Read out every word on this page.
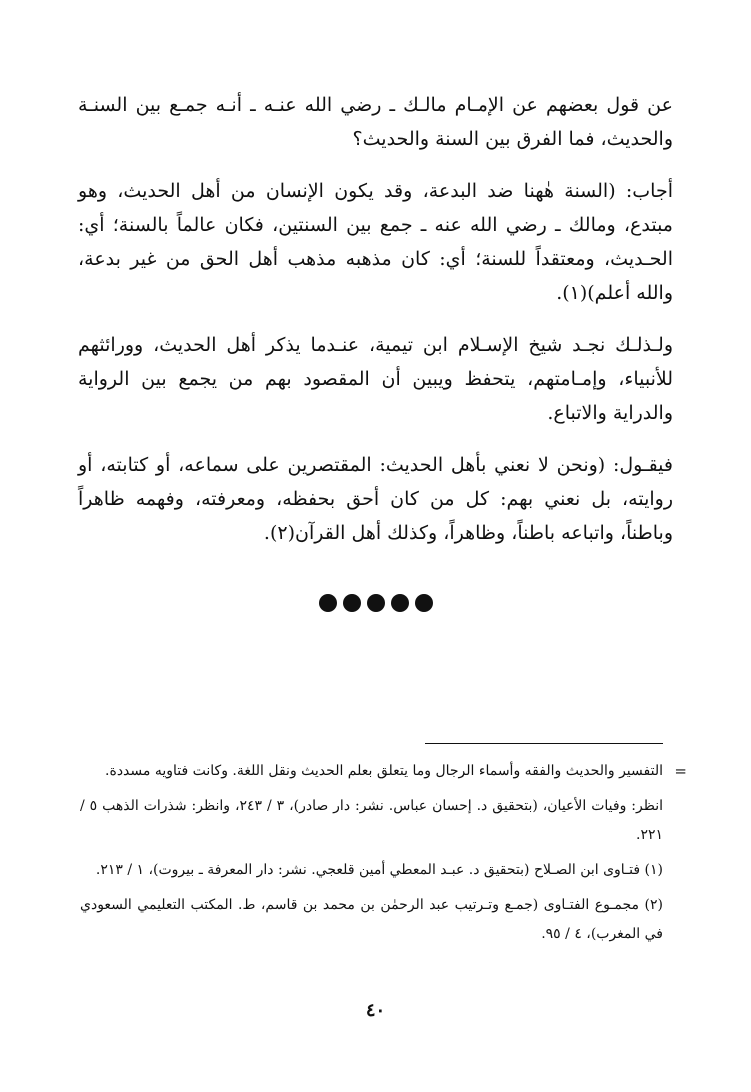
عن قول بعضهم عن الإمـام مالـك ـ رضي الله عنـه ـ أنـه جمـع بين السنـة والحديث، فما الفرق بين السنة والحديث؟

أجاب: (السنة هٰهنا ضد البدعة، وقد يكون الإنسان من أهل الحديث، وهو مبتدع، ومالك ـ رضي الله عنه ـ جمع بين السنتين، فكان عالماً بالسنة؛ أي: الحـديث، ومعتقداً للسنة؛ أي: كان مذهبه مذهب أهل الحق من غير بدعة، والله أعلم)(١).

ولـذلـك نجـد شيخ الإسـلام ابن تيمية، عنـدما يذكر أهل الحديث، وورائثهم للأنبياء، وإمـامتهم، يتحفظ ويبين أن المقصود بهم من يجمع بين الرواية والدراية والاتباع.

فيقـول: (ونحن لا نعني بأهل الحديث: المقتصرين على سماعه، أو كتابته، أو روايته، بل نعني بهم: كل من كان أحق بحفظه، ومعرفته، وفهمه ظاهراً وباطناً، واتباعه باطناً، وظاهراً، وكذلك أهل القرآن(٢).

=
التفسير والحديث والفقه وأسماء الرجال وما يتعلق بعلم الحديث ونقل اللغة. وكانت فتاويه مسددة.

انظر: وفيات الأعيان، (بتحقيق د. إحسان عباس. نشر: دار صادر)، ٣ / ٢٤٣، وانظر: شذرات الذهب ٥ / ٢٢١.

(١) فتـاوى ابن الصـلاح (بتحقيق د. عبـد المعطي أمين قلعجي. نشر: دار المعرفة ـ بيروت)، ١ / ٢١٣.

(٢) مجمـوع الفتـاوى (جمـع وتـرتيب عبد الرحمٰن بن محمد بن قاسم، ط. المكتب التعليمي السعودي في المغرب)، ٤ / ٩٥.

٤٠
